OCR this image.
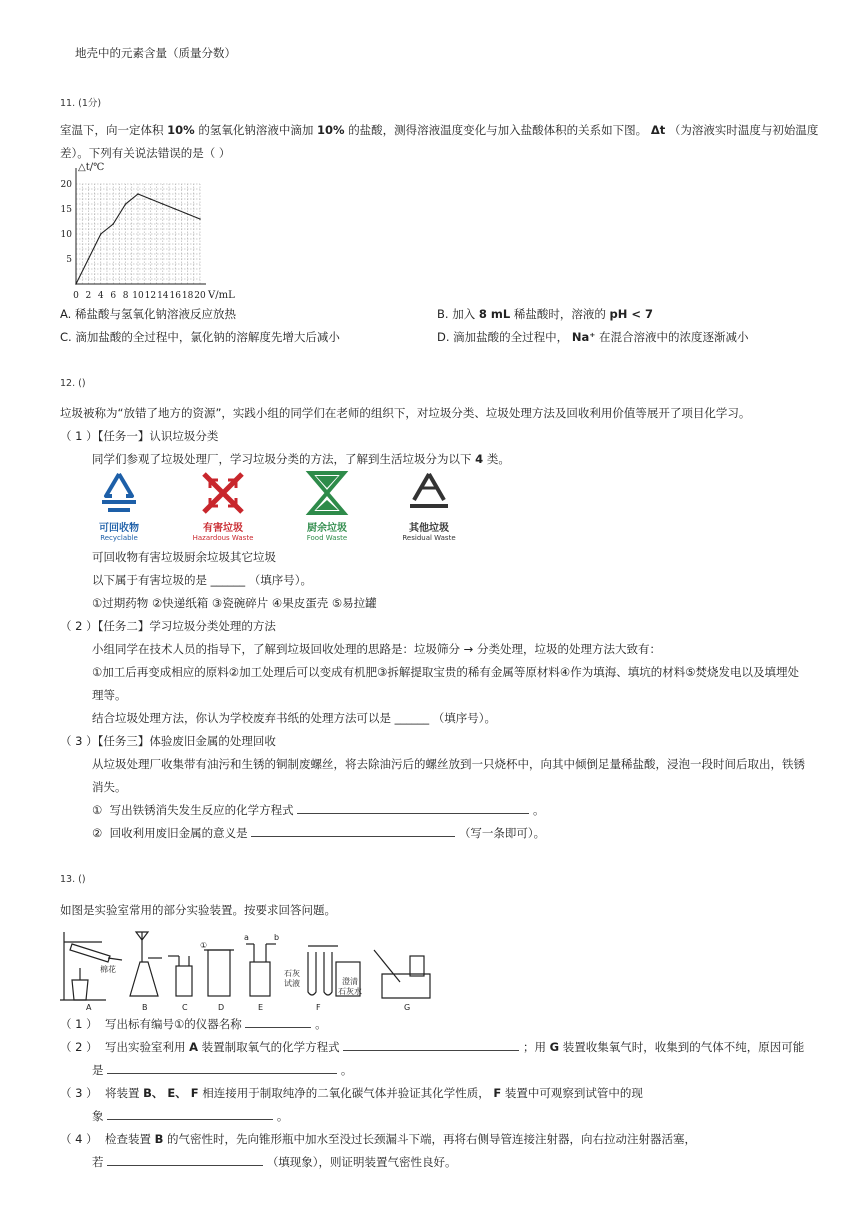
地壳中的元素含量（质量分数）
11. (1分)
室温下，向一定体积 10% 的氢氧化钠溶液中滴加 10% 的盐酸，测得溶液温度变化与加入盐酸体积的关系如下图。 Δt （为溶液实时温度与初始温度
差）。下列有关说法错误的是（ ）
△t/℃
V/mL
0 2 4 6 8 10 12 14 16 18 20
5
10
15
20
A. 稀盐酸与氢氧化钠溶液反应放热	B. 加入 8 mL 稀盐酸时，溶液的 pH < 7
C. 滴加盐酸的全过程中，氯化钠的溶解度先增大后减小	D. 滴加盐酸的全过程中， Na⁺ 在混合溶液中的浓度逐渐减小
12. ()
垃圾被称为“放错了地方的资源”，实践小组的同学们在老师的组织下，对垃圾分类、垃圾处理方法及回收利用价值等展开了项目化学习。
（ 1 ）【任务一】认识垃圾分类
同学们参观了垃圾处理厂，学习垃圾分类的方法，了解到生活垃圾分为以下 4 类。
可回收物
Recyclable
有害垃圾
Hazardous Waste
厨余垃圾
Food Waste
其他垃圾
Residual Waste
可回收物有害垃圾厨余垃圾其它垃圾
以下属于有害垃圾的是 ______ （填序号）。
①过期药物 ②快递纸箱 ③瓷碗碎片 ④果皮蛋壳 ⑤易拉罐
（ 2 ）【任务二】学习垃圾分类处理的方法
小组同学在技术人员的指导下，了解到垃圾回收处理的思路是：垃圾筛分 → 分类处理，垃圾的处理方法大致有：
①加工后再变成相应的原料②加工处理后可以变成有机肥③拆解提取宝贵的稀有金属等原材料④作为填海、填坑的材料⑤焚烧发电以及填埋处
理等。
结合垃圾处理方法，你认为学校废弃书纸的处理方法可以是 ______ （填序号）。
（ 3 ）【任务三】体验废旧金属的处理回收
从垃圾处理厂收集带有油污和生锈的铜制废螺丝，将去除油污后的螺丝放到一只烧杯中，向其中倾倒足量稀盐酸，浸泡一段时间后取出，铁锈
消失。
① 写出铁锈消失发生反应的化学方程式	。
② 回收利用废旧金属的意义是	（写一条即可）。
13. ()
如图是实验室常用的部分实验装置。按要求回答问题。
A	B	C	D	E	F	G
棉花
①
a	b
石灰
试液	澄清
石灰水
（ 1 ） 写出标有编号①的仪器名称	。
（ 2 ） 写出实验室利用 A 装置制取氧气的化学方程式	；用 G 装置收集氧气时，收集到的气体不纯，原因可能
是	。
（ 3 ） 将装置 B、 E、 F 相连接用于制取纯净的二氧化碳气体并验证其化学性质， F 装置中可观察到试管中的现
象	。
（ 4 ） 检查装置 B 的气密性时，先向锥形瓶中加水至没过长颈漏斗下端，再将右侧导管连接注射器，向右拉动注射器活塞，
若	（填现象），则证明装置气密性良好。
